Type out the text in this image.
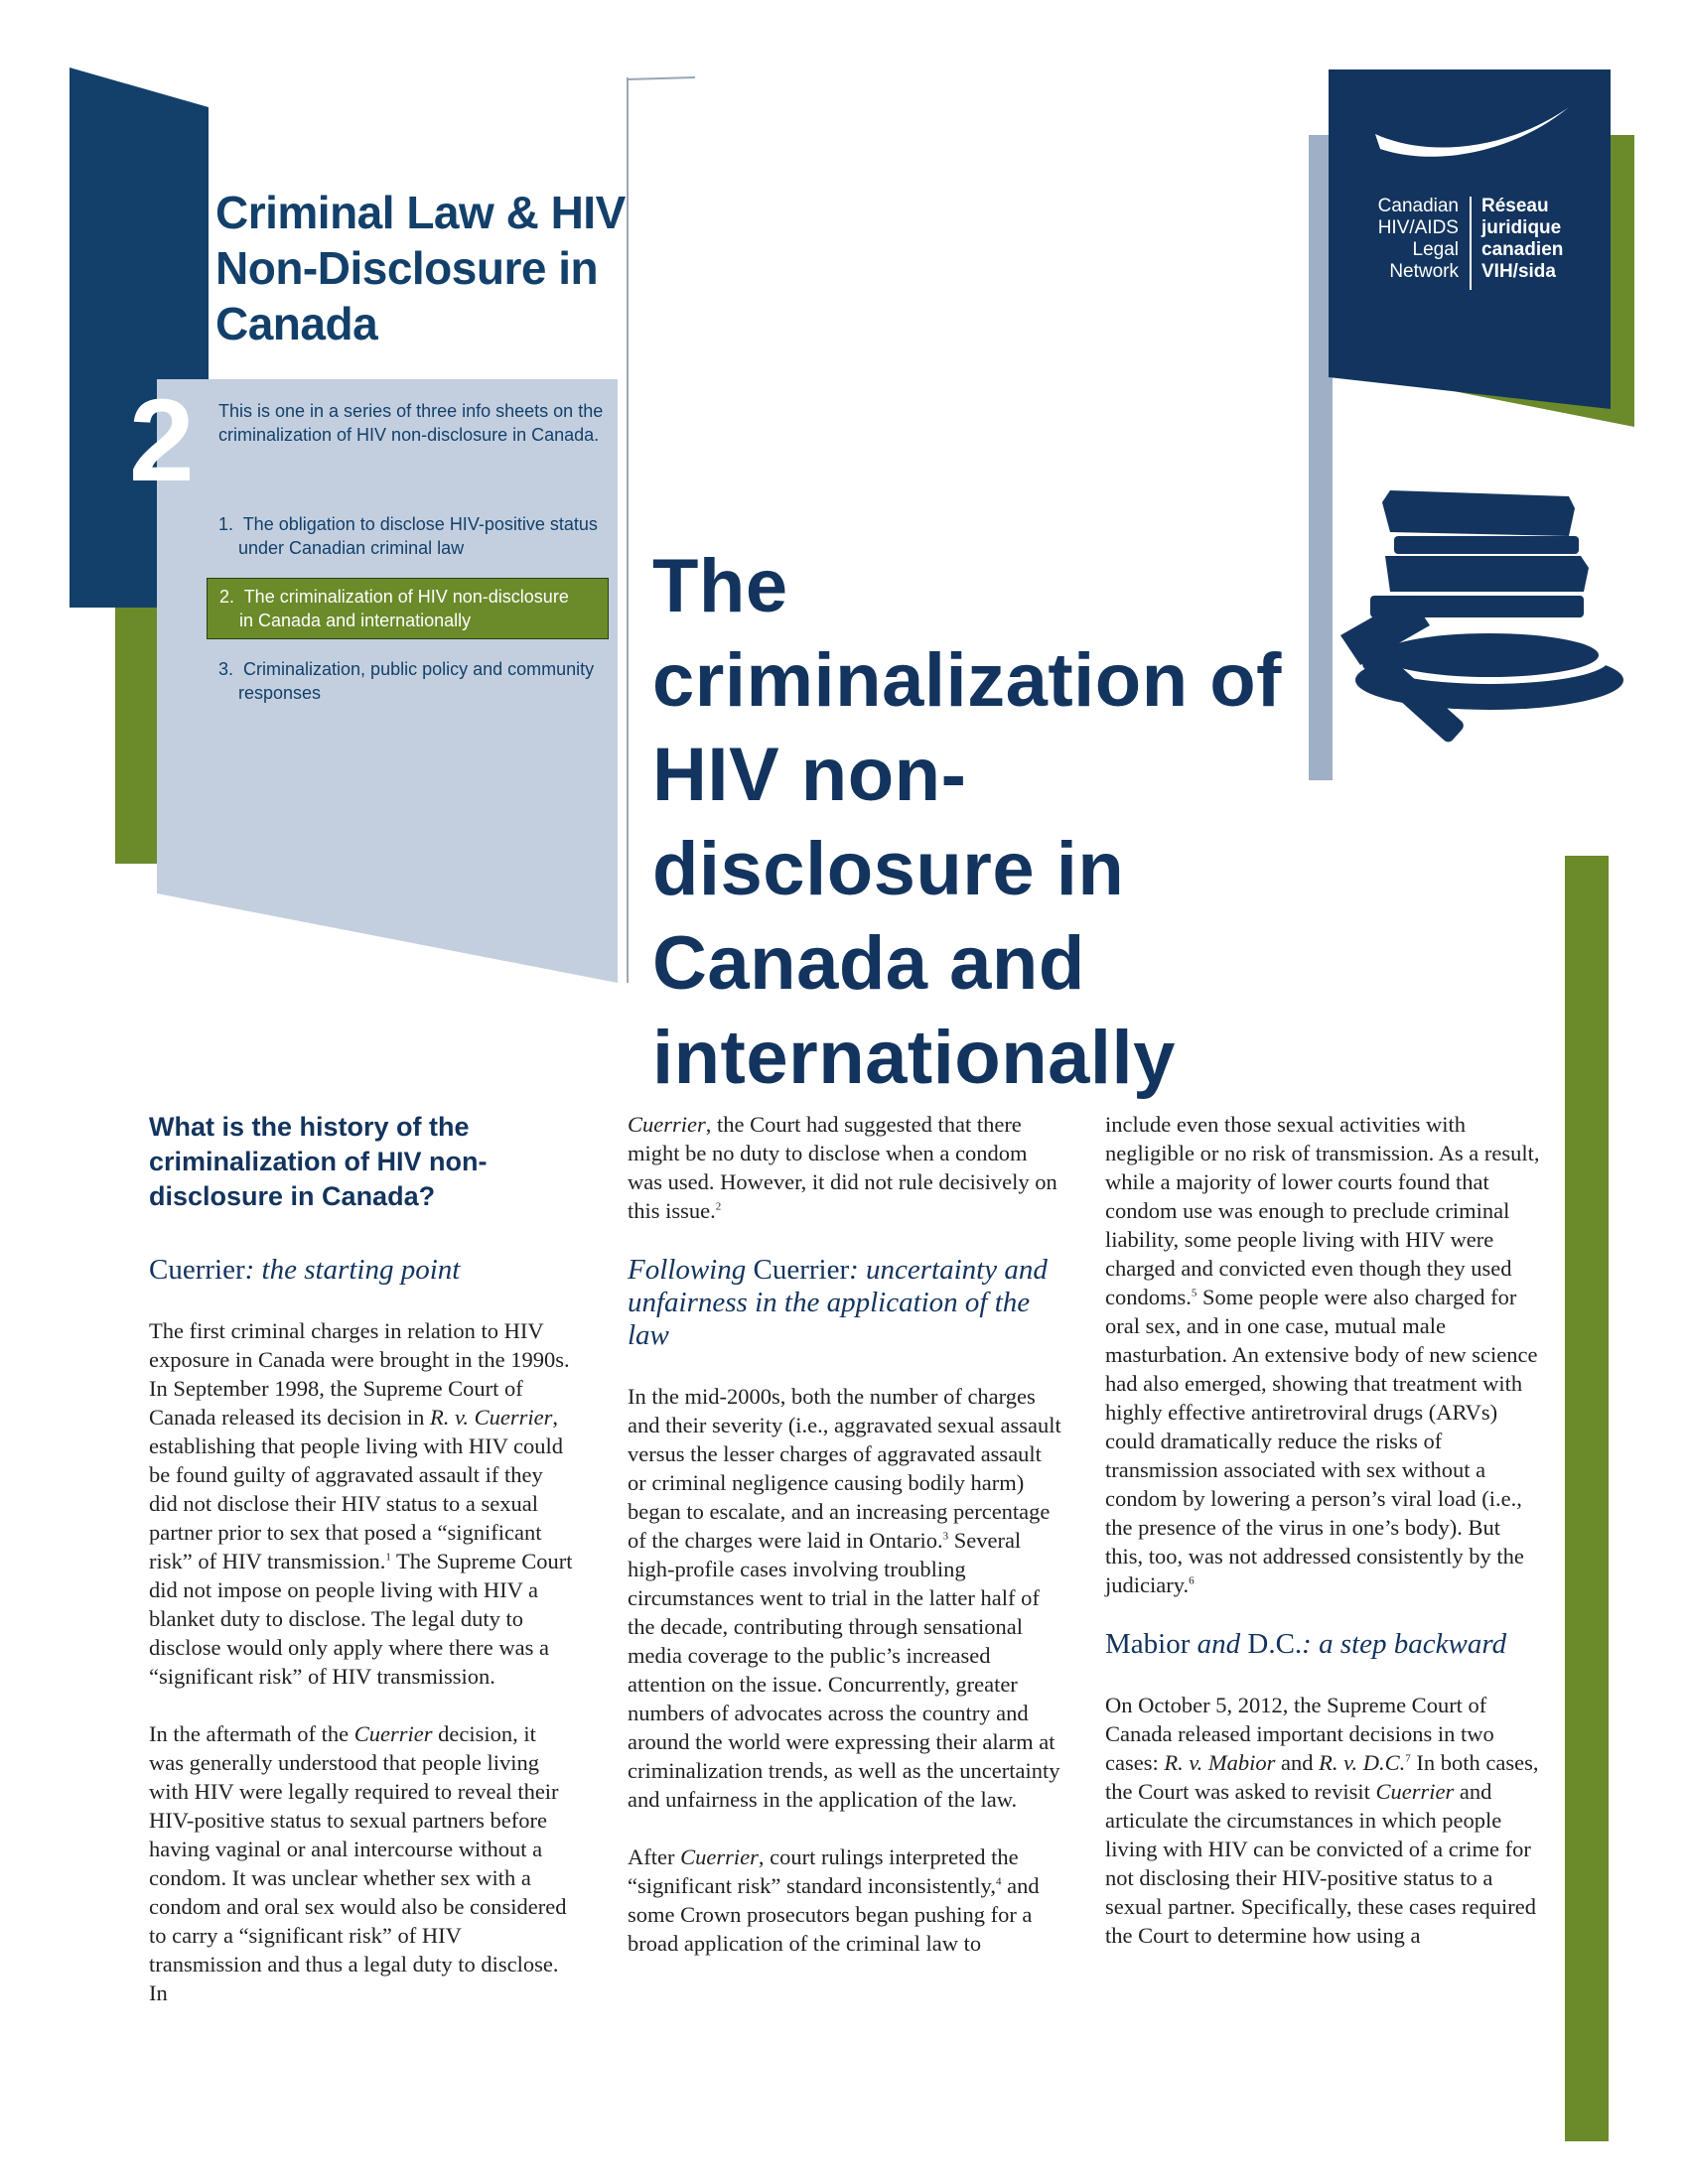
Criminal Law & HIV Non-Disclosure in Canada
2 This is one in a series of three info sheets on the criminalization of HIV non-disclosure in Canada.
1. The obligation to disclose HIV-positive status
under Canadian criminal law
2. The criminalization of HIV non-disclosure
in Canada and internationally
3. Criminalization, public policy and community
responses
The criminalization of HIV non-disclosure in Canada and internationally
Canadian
HIV/AIDS
Legal
Network
Réseau
juridique
canadien
VIH/sida
What is the history of the criminalization of HIV non-disclosure in Canada?
Cuerrier: the starting point

The first criminal charges in relation to HIV exposure in Canada were brought in the 1990s. In September 1998, the Supreme Court of Canada released its decision in R. v. Cuerrier, establishing that people living with HIV could be found guilty of aggravated assault if they did not disclose their HIV status to a sexual partner prior to sex that posed a “significant risk” of HIV transmission.$^1$ The Supreme Court did not impose on people living with HIV a blanket duty to disclose. The legal duty to disclose would only apply where there was a “significant risk” of HIV transmission.

In the aftermath of the Cuerrier decision, it was generally understood that people living with HIV were legally required to reveal their HIV-positive status to sexual partners before having vaginal or anal intercourse without a condom. It was unclear whether sex with a condom and oral sex would also be considered to carry a “significant risk” of HIV transmission and thus a legal duty to disclose. In

Cuerrier, the Court had suggested that there might be no duty to disclose when a condom was used. However, it did not rule decisively on this issue.$^2$

Following Cuerrier: uncertainty and unfairness in the application of the law

In the mid-2000s, both the number of charges and their severity (i.e., aggravated sexual assault versus the lesser charges of aggravated assault or criminal negligence causing bodily harm) began to escalate, and an increasing percentage of the charges were laid in Ontario.$^3$ Several high-profile cases involving troubling circumstances went to trial in the latter half of the decade, contributing through sensational media coverage to the public’s increased attention on the issue. Concurrently, greater numbers of advocates across the country and around the world were expressing their alarm at criminalization trends, as well as the uncertainty and unfairness in the application of the law.

After Cuerrier, court rulings interpreted the “significant risk” standard inconsistently,$^4$ and some Crown prosecutors began pushing for a broad application of the criminal law to

include even those sexual activities with negligible or no risk of transmission. As a result, while a majority of lower courts found that condom use was enough to preclude criminal liability, some people living with HIV were charged and convicted even though they used condoms.$^5$ Some people were also charged for oral sex, and in one case, mutual male masturbation. An extensive body of new science had also emerged, showing that treatment with highly effective antiretroviral drugs (ARVs) could dramatically reduce the risks of transmission associated with sex without a condom by lowering a person’s viral load (i.e., the presence of the virus in one’s body). But this, too, was not addressed consistently by the judiciary.$^6$

Mabior and D.C.: a step backward

On October 5, 2012, the Supreme Court of Canada released important decisions in two cases: R. v. Mabior and R. v. D.C.$^7$ In both cases, the Court was asked to revisit Cuerrier and articulate the circumstances in which people living with HIV can be convicted of a crime for not disclosing their HIV-positive status to a sexual partner. Specifically, these cases required the Court to determine how using a
